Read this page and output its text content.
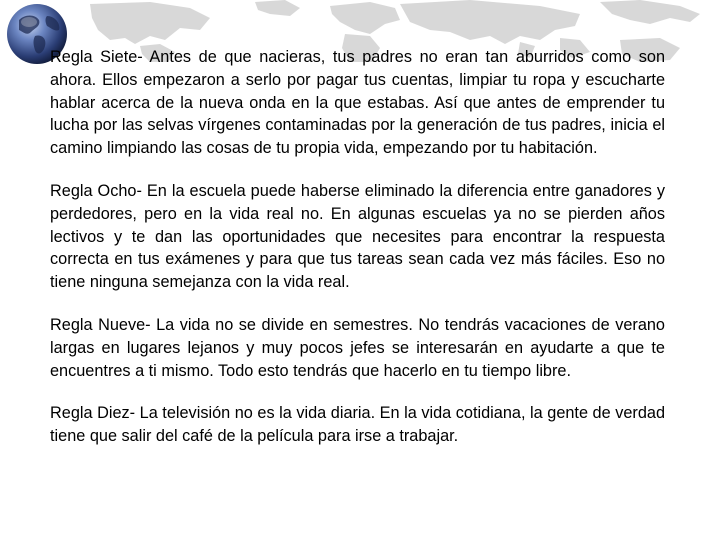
Regla Siete- Antes de que nacieras, tus padres no eran tan aburridos como son ahora. Ellos empezaron a serlo por pagar tus cuentas, limpiar tu ropa y escucharte hablar acerca de la nueva onda en la que estabas. Así que antes de emprender tu lucha por las selvas vírgenes contaminadas por la generación de tus padres, inicia el camino limpiando las cosas de tu propia vida, empezando por tu habitación.

Regla Ocho- En la escuela puede haberse eliminado la diferencia entre ganadores y perdedores, pero en la vida real no. En algunas escuelas ya no se pierden años lectivos y te dan las oportunidades que necesites para encontrar la respuesta correcta en tus exámenes y para que tus tareas sean cada vez más fáciles. Eso no tiene ninguna semejanza con la vida real.

Regla Nueve- La vida no se divide en semestres. No tendrás vacaciones de verano largas en lugares lejanos y muy pocos jefes se interesarán en ayudarte a que te encuentres a ti mismo. Todo esto tendrás que hacerlo en tu tiempo libre.

Regla Diez- La televisión no es la vida diaria. En la vida cotidiana, la gente de verdad tiene que salir del café de la película para irse a trabajar.
